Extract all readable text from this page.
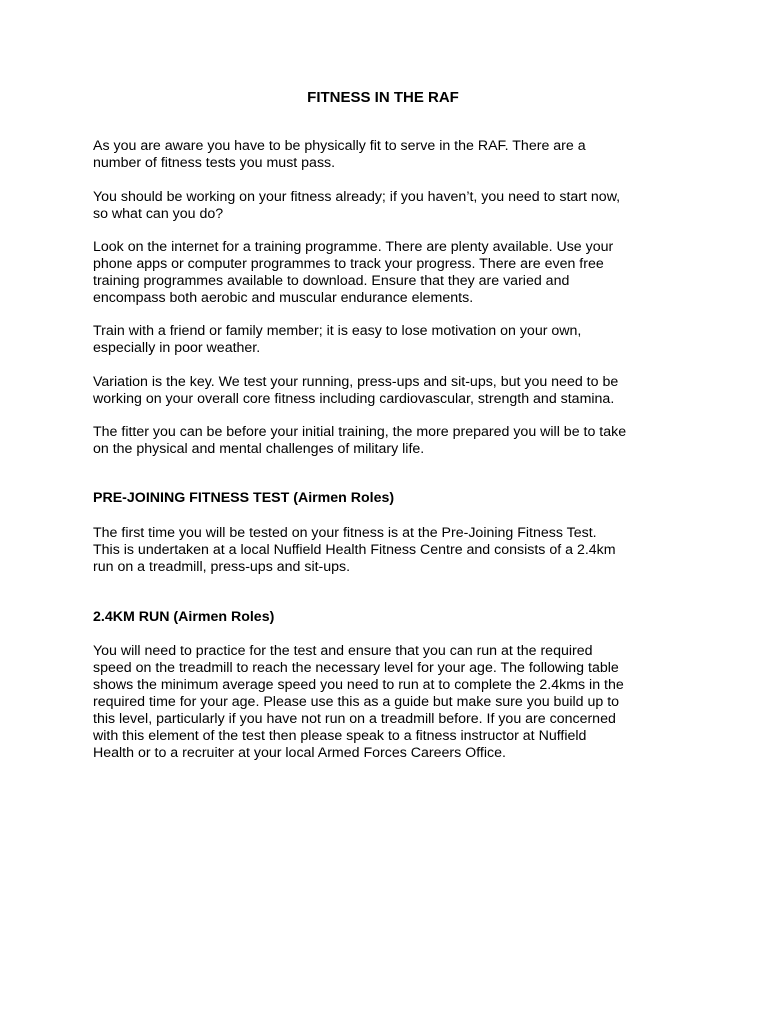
FITNESS IN THE RAF

As you are aware you have to be physically fit to serve in the RAF. There are a
number of fitness tests you must pass.

You should be working on your fitness already; if you haven’t, you need to start now,
so what can you do?

Look on the internet for a training programme. There are plenty available. Use your
phone apps or computer programmes to track your progress. There are even free
training programmes available to download. Ensure that they are varied and
encompass both aerobic and muscular endurance elements.

Train with a friend or family member; it is easy to lose motivation on your own,
especially in poor weather.

Variation is the key. We test your running, press-ups and sit-ups, but you need to be
working on your overall core fitness including cardiovascular, strength and stamina.

The fitter you can be before your initial training, the more prepared you will be to take
on the physical and mental challenges of military life.

PRE-JOINING FITNESS TEST (Airmen Roles)

The first time you will be tested on your fitness is at the Pre-Joining Fitness Test.
This is undertaken at a local Nuffield Health Fitness Centre and consists of a 2.4km
run on a treadmill, press-ups and sit-ups.

2.4KM RUN (Airmen Roles)

You will need to practice for the test and ensure that you can run at the required
speed on the treadmill to reach the necessary level for your age. The following table
shows the minimum average speed you need to run at to complete the 2.4kms in the
required time for your age. Please use this as a guide but make sure you build up to
this level, particularly if you have not run on a treadmill before. If you are concerned
with this element of the test then please speak to a fitness instructor at Nuffield
Health or to a recruiter at your local Armed Forces Careers Office.
